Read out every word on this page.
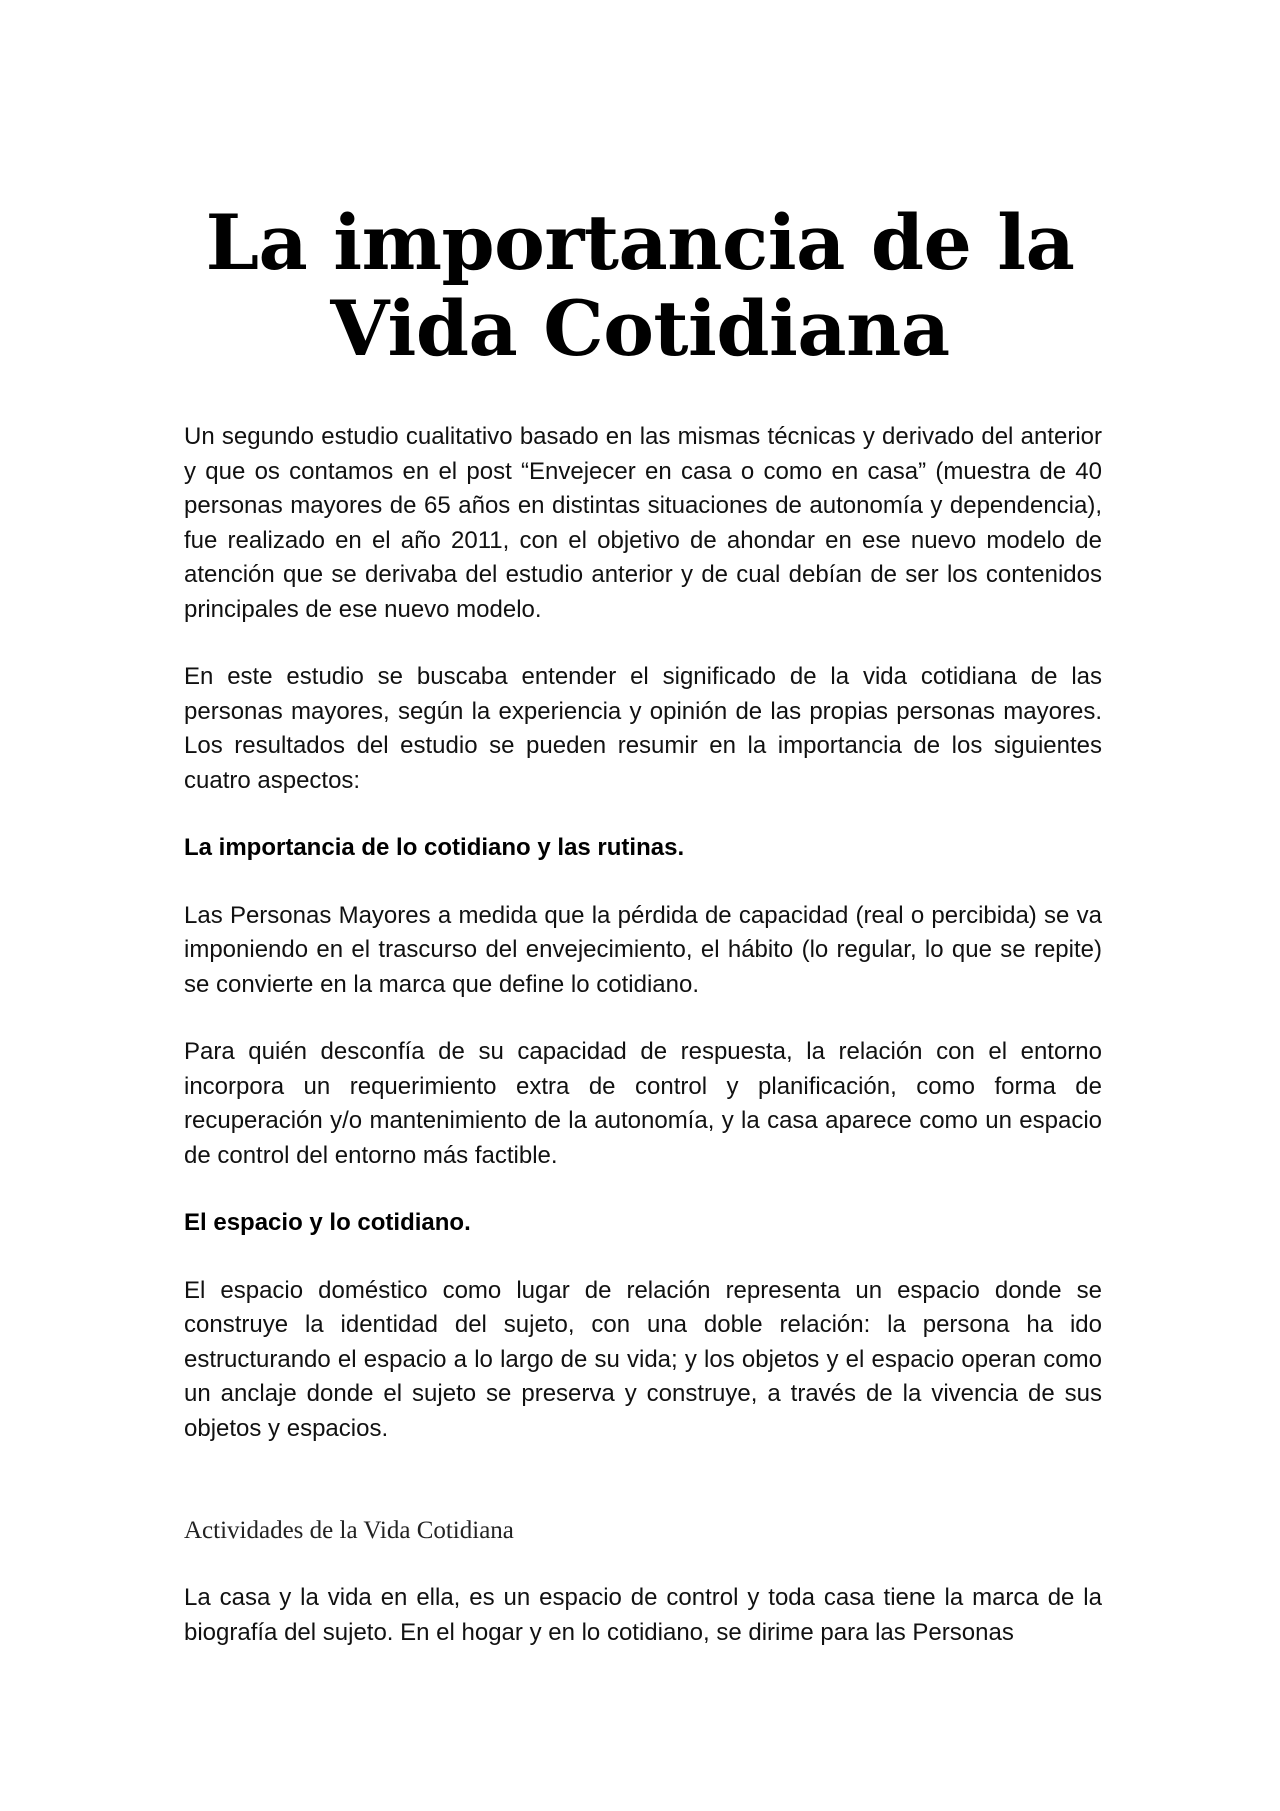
La importancia de la
Vida Cotidiana

Un segundo estudio cualitativo basado en las mismas técnicas y derivado del anterior y que os contamos en el post “Envejecer en casa o como en casa” (muestra de 40 personas mayores de 65 años en distintas situaciones de autonomía y dependencia), fue realizado en el año 2011, con el objetivo de ahondar en ese nuevo modelo de atención que se derivaba del estudio anterior y de cual debían de ser los contenidos principales de ese nuevo modelo.

En este estudio se buscaba entender el significado de la vida cotidiana de las personas mayores, según la experiencia y opinión de las propias personas mayores. Los resultados del estudio se pueden resumir en la importancia de los siguientes cuatro aspectos:

La importancia de lo cotidiano y las rutinas.

Las Personas Mayores a medida que la pérdida de capacidad (real o percibida) se va imponiendo en el trascurso del envejecimiento, el hábito (lo regular, lo que se repite) se convierte en la marca que define lo cotidiano.

Para quién desconfía de su capacidad de respuesta, la relación con el entorno incorpora un requerimiento extra de control y planificación, como forma de recuperación y/o mantenimiento de la autonomía, y la casa aparece como un espacio de control del entorno más factible.

El espacio y lo cotidiano.

El espacio doméstico como lugar de relación representa un espacio donde se construye la identidad del sujeto, con una doble relación: la persona ha ido estructurando el espacio a lo largo de su vida; y los objetos y el espacio operan como un anclaje donde el sujeto se preserva y construye, a través de la vivencia de sus objetos y espacios.

Actividades de la Vida Cotidiana

La casa y la vida en ella, es un espacio de control y toda casa tiene la marca de la biografía del sujeto. En el hogar y en lo cotidiano, se dirime para las Personas
